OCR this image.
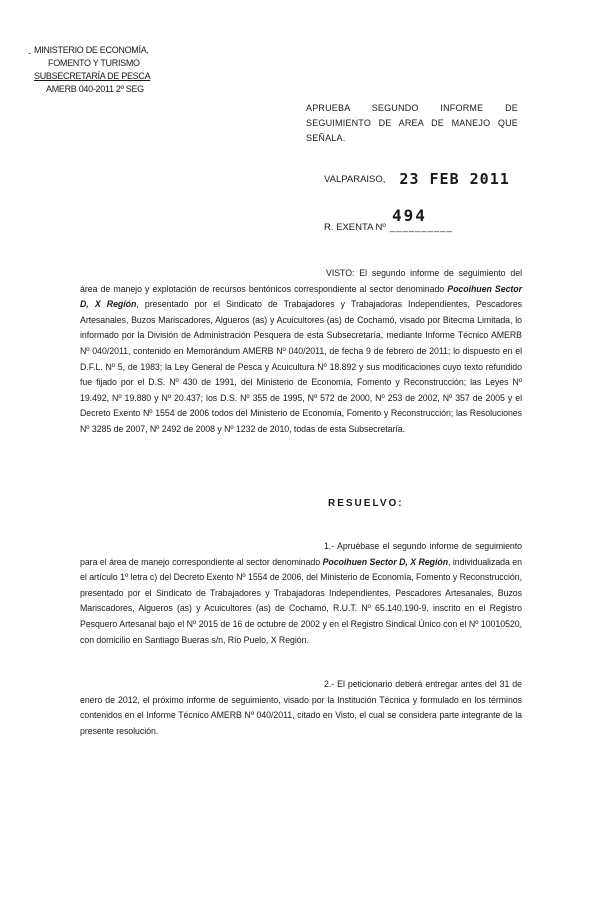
- MINISTERIO DE ECONOMÍA,
FOMENTO Y TURISMO
SUBSECRETARÍA DE PESCA
AMERB 040-2011 2º SEG
APRUEBA SEGUNDO INFORME DE SEGUIMIENTO DE AREA DE MANEJO QUE SEÑALA.
VALPARAISO, 23 FEB 2011
494
R. EXENTA Nº __________
VISTO: El segundo informe de seguimiento del área de manejo y explotación de recursos bentónicos correspondiente al sector denominado Pocoihuen Sector D, X Región, presentado por el Sindicato de Trabajadores y Trabajadoras Independientes, Pescadores Artesanales, Buzos Mariscadores, Algueros (as) y Acuicultores (as) de Cochamó, visado por Bitecma Limitada, lo informado por la División de Administración Pesquera de esta Subsecretaría, mediante Informe Técnico AMERB Nº 040/2011, contenido en Memorándum AMERB Nº 040/2011, de fecha 9 de febrero de 2011; lo dispuesto en el D.F.L. Nº 5, de 1983; la Ley General de Pesca y Acuicultura Nº 18.892 y sus modificaciones cuyo texto refundido fue fijado por el D.S. Nº 430 de 1991, del Ministerio de Economía, Fomento y Reconstrucción; las Leyes Nº 19.492, Nº 19.880 y Nº 20.437; los D.S. Nº 355 de 1995, Nº 572 de 2000, Nº 253 de 2002, Nº 357 de 2005 y el Decreto Exento Nº 1554 de 2006 todos del Ministerio de Economía, Fomento y Reconstrucción; las Resoluciones Nº 3285 de 2007, Nº 2492 de 2008 y Nº 1232 de 2010, todas de esta Subsecretaría.
RESUELVO:
1.- Apruébase el segundo informe de seguimiento para el área de manejo correspondiente al sector denominado Pocoihuen Sector D, X Región, individualizada en el artículo 1º letra c) del Decreto Exento Nº 1554 de 2006, del Ministerio de Economía, Fomento y Reconstrucción, presentado por el Sindicato de Trabajadores y Trabajadoras Independientes, Pescadores Artesanales, Buzos Mariscadores, Algueros (as) y Acuicultores (as) de Cochamó, R.U.T. Nº 65.140.190-9, inscrito en el Registro Pesquero Artesanal bajo el Nº 2015 de 16 de octubre de 2002 y en el Registro Sindical Único con el Nº 10010520, con domicilio en Santiago Bueras s/n, Río Puelo, X Región.
2.- El peticionario deberá entregar antes del 31 de enero de 2012, el próximo informe de seguimiento, visado por la Institución Técnica y formulado en los términos contenidos en el Informe Técnico AMERB Nº 040/2011, citado en Visto, el cual se considera parte integrante de la presente resolución.
